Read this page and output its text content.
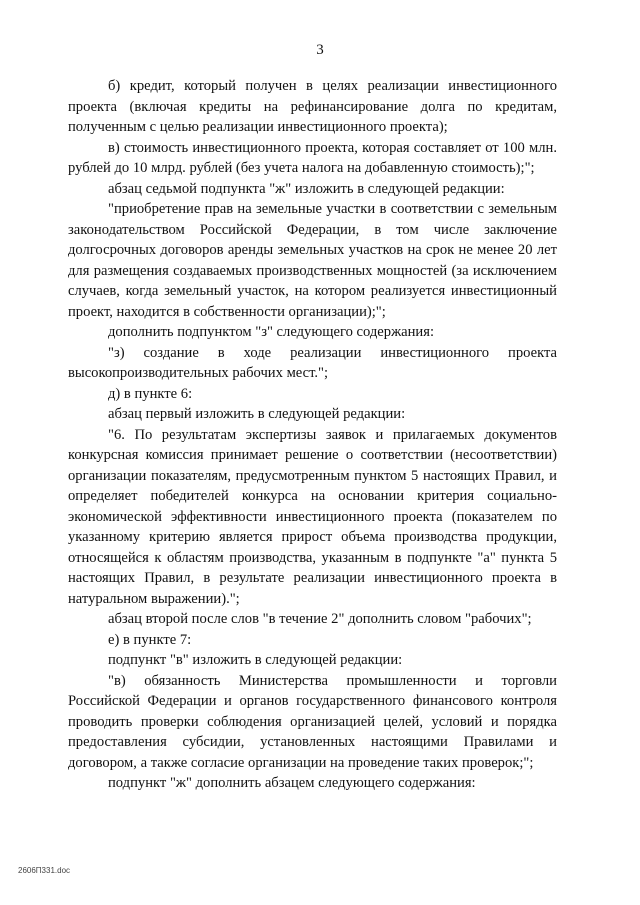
3

б) кредит, который получен в целях реализации инвестиционного проекта (включая кредиты на рефинансирование долга по кредитам, полученным с целью реализации инвестиционного проекта);

в) стоимость инвестиционного проекта, которая составляет от 100 млн. рублей до 10 млрд. рублей (без учета налога на добавленную стоимость);";

абзац седьмой подпункта "ж" изложить в следующей редакции:

"приобретение прав на земельные участки в соответствии с земельным законодательством Российской Федерации, в том числе заключение долгосрочных договоров аренды земельных участков на срок не менее 20 лет для размещения создаваемых производственных мощностей (за исключением случаев, когда земельный участок, на котором реализуется инвестиционный проект, находится в собственности организации);";

дополнить подпунктом "з" следующего содержания:

"з) создание в ходе реализации инвестиционного проекта высокопроизводительных рабочих мест.";

д) в пункте 6:

абзац первый изложить в следующей редакции:

"6. По результатам экспертизы заявок и прилагаемых документов конкурсная комиссия принимает решение о соответствии (несоответствии) организации показателям, предусмотренным пунктом 5 настоящих Правил, и определяет победителей конкурса на основании критерия социально-экономической эффективности инвестиционного проекта (показателем по указанному критерию является прирост объема производства продукции, относящейся к областям производства, указанным в подпункте "а" пункта 5 настоящих Правил, в результате реализации инвестиционного проекта в натуральном выражении).";

абзац второй после слов "в течение 2" дополнить словом "рабочих";

е) в пункте 7:

подпункт "в" изложить в следующей редакции:

"в) обязанность Министерства промышленности и торговли Российской Федерации и органов государственного финансового контроля проводить проверки соблюдения организацией целей, условий и порядка предоставления субсидии, установленных настоящими Правилами и договором, а также согласие организации на проведение таких проверок;";

подпункт "ж" дополнить абзацем следующего содержания:

2606П331.doc
